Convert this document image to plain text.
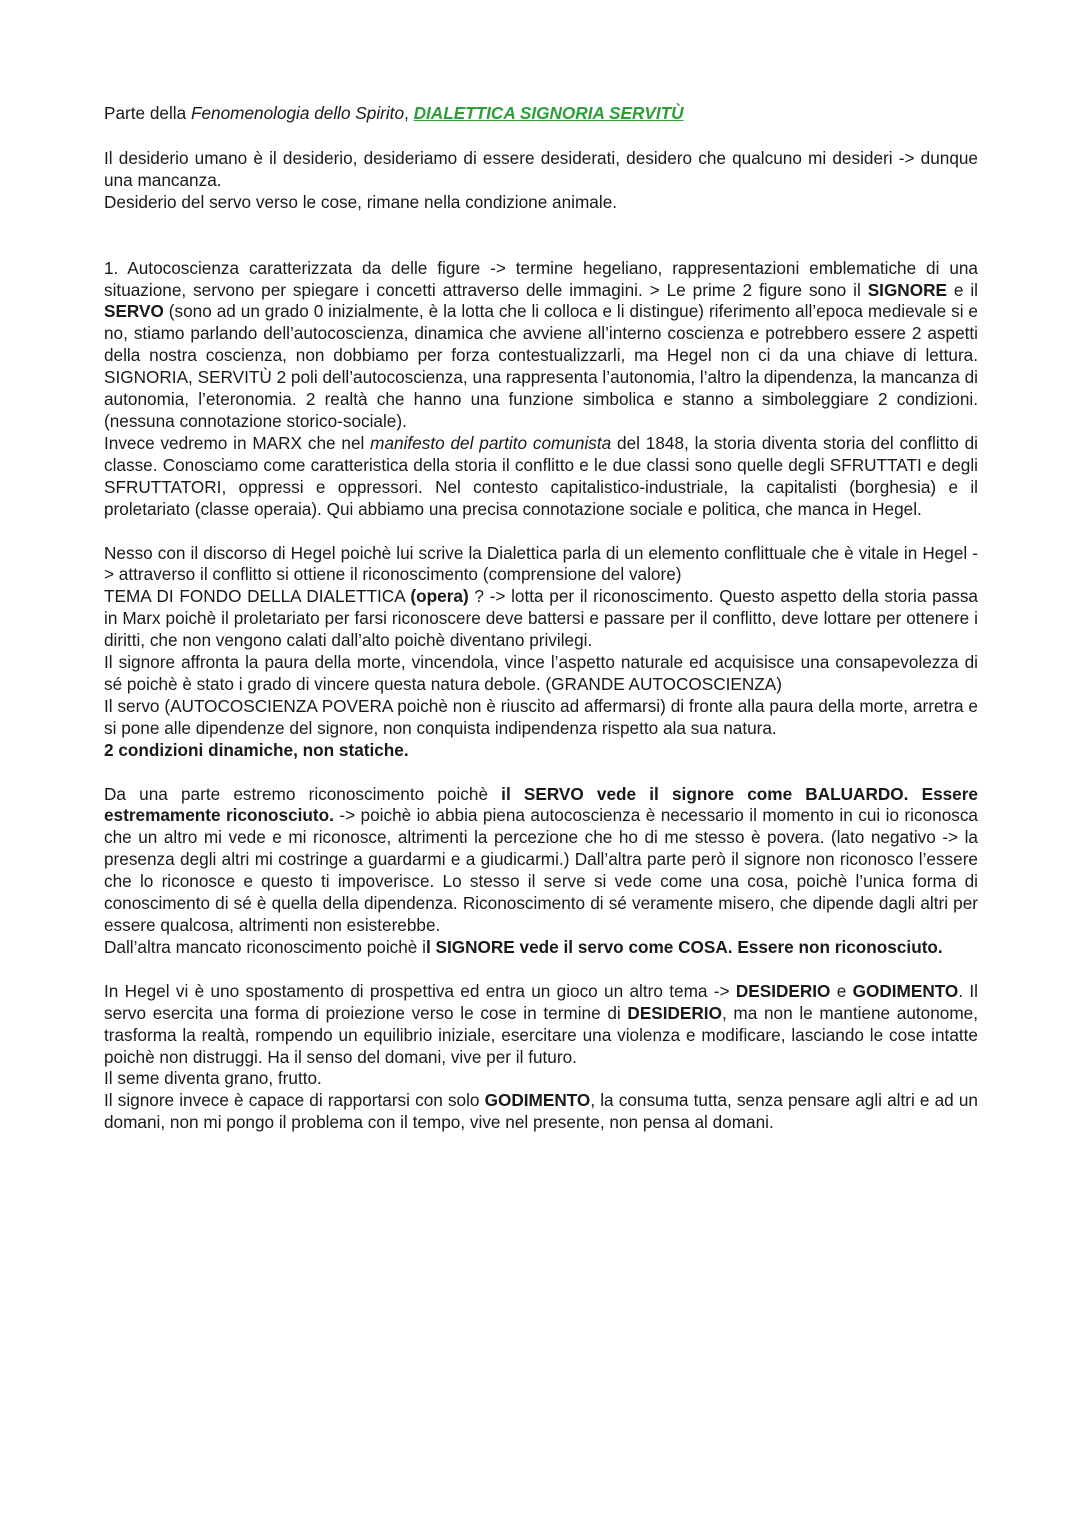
Parte della Fenomenologia dello Spirito, DIALETTICA SIGNORIA SERVITÙ

Il desiderio umano è il desiderio, desideriamo di essere desiderati, desidero che qualcuno mi desideri -> dunque una mancanza.

Desiderio del servo verso le cose, rimane nella condizione animale.

1. Autocoscienza caratterizzata da delle figure -> termine hegeliano, rappresentazioni emblematiche di una situazione, servono per spiegare i concetti attraverso delle immagini. > Le prime 2 figure sono il SIGNORE e il SERVO (sono ad un grado 0 inizialmente, è la lotta che li colloca e li distingue) riferimento all’epoca medievale si e no, stiamo parlando dell’autocoscienza, dinamica che avviene all’interno coscienza e potrebbero essere 2 aspetti della nostra coscienza, non dobbiamo per forza contestualizzarli, ma Hegel non ci da una chiave di lettura. SIGNORIA, SERVITÙ 2 poli dell’autocoscienza, una rappresenta l’autonomia, l’altro la dipendenza, la mancanza di autonomia, l’eteronomia. 2 realtà che hanno una funzione simbolica e stanno a simboleggiare 2 condizioni. (nessuna connotazione storico-sociale).

Invece vedremo in MARX che nel manifesto del partito comunista del 1848, la storia diventa storia del conflitto di classe. Conosciamo come caratteristica della storia il conflitto e le due classi sono quelle degli SFRUTTATI e degli SFRUTTATORI, oppressi e oppressori. Nel contesto capitalistico-industriale, la capitalisti (borghesia) e il proletariato (classe operaia). Qui abbiamo una precisa connotazione sociale e politica, che manca in Hegel.

Nesso con il discorso di Hegel poichè lui scrive la Dialettica parla di un elemento conflittuale che è vitale in Hegel -> attraverso il conflitto si ottiene il riconoscimento (comprensione del valore)

TEMA DI FONDO DELLA DIALETTICA (opera) ? -> lotta per il riconoscimento. Questo aspetto della storia passa in Marx poichè il proletariato per farsi riconoscere deve battersi e passare per il conflitto, deve lottare per ottenere i diritti, che non vengono calati dall’alto poichè diventano privilegi.

Il signore affronta la paura della morte, vincendola, vince l’aspetto naturale ed acquisisce una consapevolezza di sé poichè è stato i grado di vincere questa natura debole. (GRANDE AUTOCOSCIENZA)

Il servo (AUTOCOSCIENZA POVERA poichè non è riuscito ad affermarsi) di fronte alla paura della morte, arretra e si pone alle dipendenze del signore, non conquista indipendenza rispetto ala sua natura.

2 condizioni dinamiche, non statiche.

Da una parte estremo riconoscimento poichè il SERVO vede il signore come BALUARDO. Essere estremamente riconosciuto. -> poichè io abbia piena autocoscienza è necessario il momento in cui io riconosca che un altro mi vede e mi riconosce, altrimenti la percezione che ho di me stesso è povera. (lato negativo -> la presenza degli altri mi costringe a guardarmi e a giudicarmi.) Dall’altra parte però il signore non riconosco l’essere che lo riconosce e questo ti impoverisce. Lo stesso il serve si vede come una cosa, poichè l’unica forma di conoscimento di sé è quella della dipendenza. Riconoscimento di sé veramente misero, che dipende dagli altri per essere qualcosa, altrimenti non esisterebbe.

Dall’altra mancato riconoscimento poichè il SIGNORE vede il servo come COSA. Essere non riconosciuto.

In Hegel vi è uno spostamento di prospettiva ed entra un gioco un altro tema -> DESIDERIO e GODIMENTO. Il servo esercita una forma di proiezione verso le cose in termine di DESIDERIO, ma non le mantiene autonome, trasforma la realtà, rompendo un equilibrio iniziale, esercitare una violenza e modificare, lasciando le cose intatte poichè non distruggi. Ha il senso del domani, vive per il futuro.

Il seme diventa grano, frutto.

Il signore invece è capace di rapportarsi con solo GODIMENTO, la consuma tutta, senza pensare agli altri e ad un domani, non mi pongo il problema con il tempo, vive nel presente, non pensa al domani.
